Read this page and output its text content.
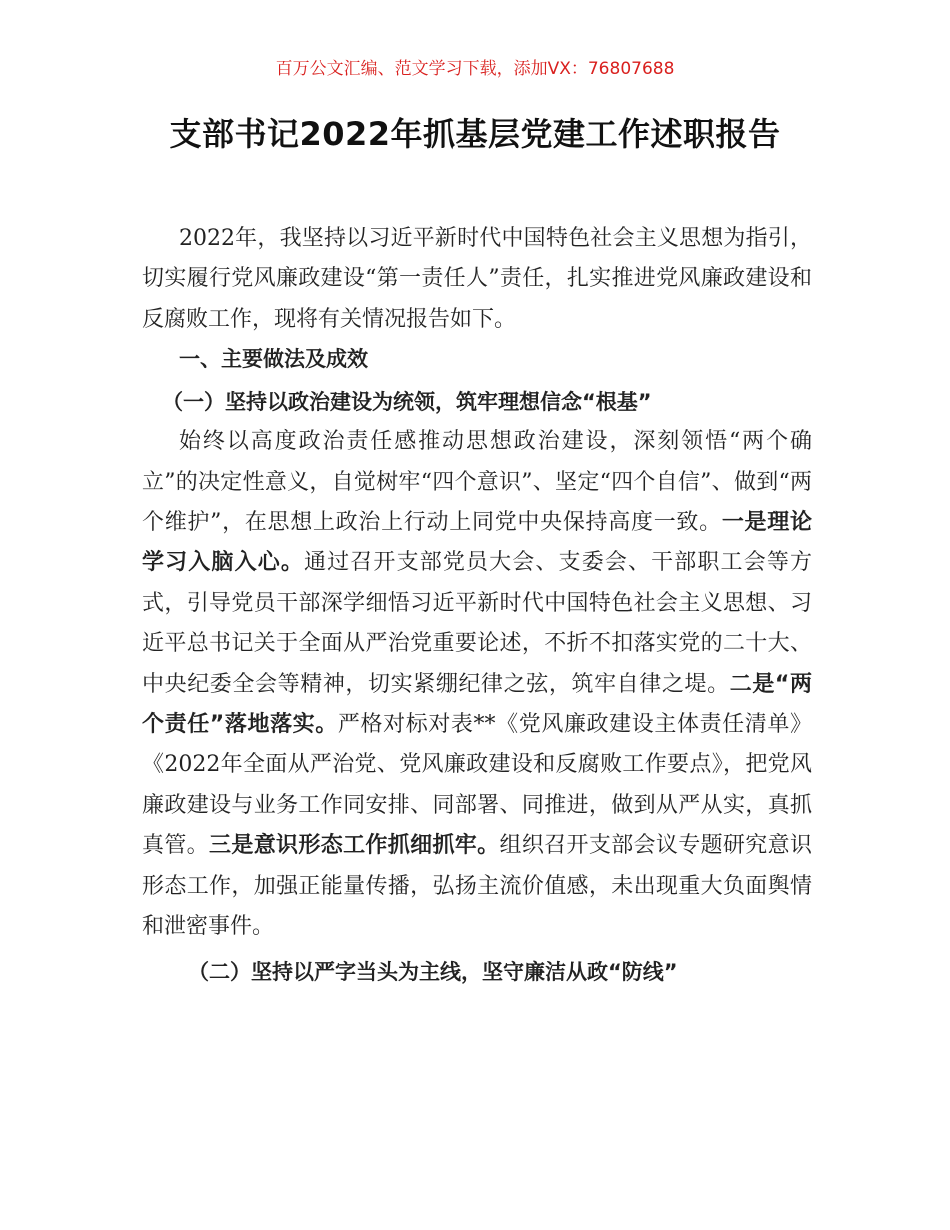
百万公文汇编、范文学习下载，添加VX：76807688
支部书记2022年抓基层党建工作述职报告

2022年，我坚持以习近平新时代中国特色社会主义思想为指引，切实履行党风廉政建设“第一责任人”责任，扎实推进党风廉政建设和反腐败工作，现将有关情况报告如下。

一、主要做法及成效

（一）坚持以政治建设为统领，筑牢理想信念“根基”

始终以高度政治责任感推动思想政治建设，深刻领悟“两个确立”的决定性意义，自觉树牢“四个意识”、坚定“四个自信”、做到“两个维护”，在思想上政治上行动上同党中央保持高度一致。一是理论学习入脑入心。通过召开支部党员大会、支委会、干部职工会等方式，引导党员干部深学细悟习近平新时代中国特色社会主义思想、习近平总书记关于全面从严治党重要论述，不折不扣落实党的二十大、中央纪委全会等精神，切实紧绷纪律之弦，筑牢自律之堤。二是“两个责任”落地落实。严格对标对表**《党风廉政建设主体责任清单》《2022年全面从严治党、党风廉政建设和反腐败工作要点》，把党风廉政建设与业务工作同安排、同部署、同推进，做到从严从实，真抓真管。三是意识形态工作抓细抓牢。组织召开支部会议专题研究意识形态工作，加强正能量传播，弘扬主流价值感，未出现重大负面舆情和泄密事件。

（二）坚持以严字当头为主线，坚守廉洁从政“防线”
